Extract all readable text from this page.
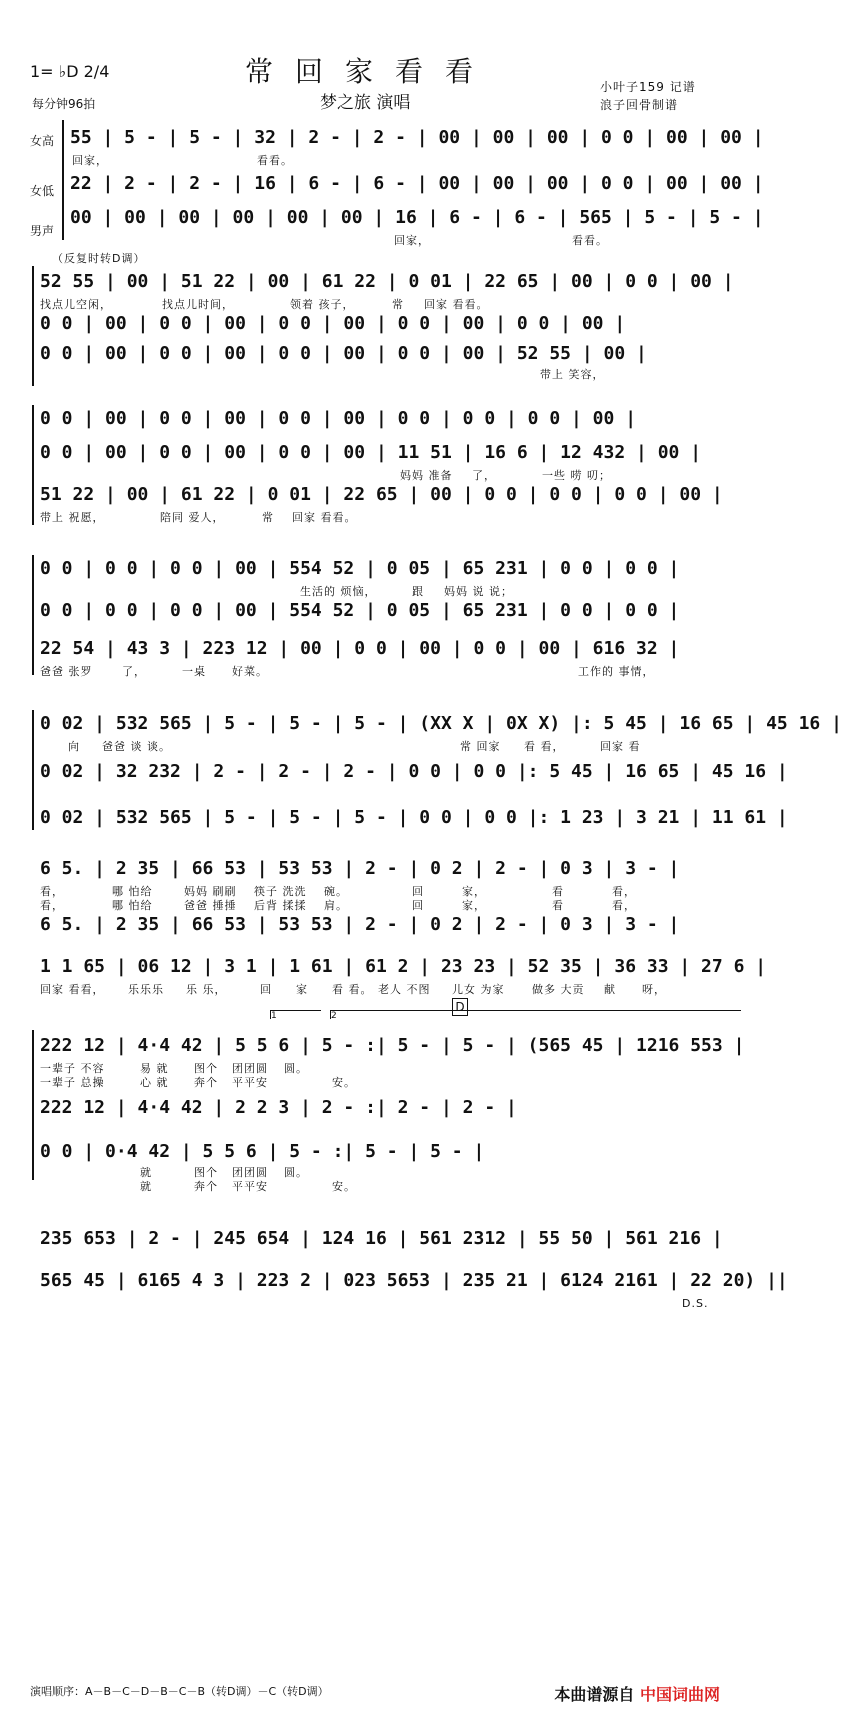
1= ♭D 2/4	常回家看看
梦之旅 演唱
每分钟96拍
小叶子159 记谱
浪子回骨制谱
女高
女低
男声
55 | 5 - | 5 - | 32 | 2 - | 2 - | 00 | 00 | 00 | 0 0 | 00 | 00 |
回家，	看看。
22 | 2 - | 2 - | 16 | 6 - | 6 - | 00 | 00 | 00 | 0 0 | 00 | 00 |
00 | 00 | 00 | 00 | 00 | 00 | 16 | 6 - | 6 - | 565 | 5 - | 5 - |
回家，	看看。
（反复时转D调）
52 55 | 00 | 51 22 | 00 | 61 22 | 0 01 | 22 65 | 00 | 0 0 | 00 |
找点儿空闲，	找点儿时间，	领着 孩子，	常 回家 看看。
0 0 | 00 | 0 0 | 00 | 0 0 | 00 | 0 0 | 00 | 0 0 | 00 |
0 0 | 00 | 0 0 | 00 | 0 0 | 00 | 0 0 | 00 | 52 55 | 00 |
带上 笑容，
0 0 | 00 | 0 0 | 00 | 0 0 | 00 | 0 0 | 0 0 | 0 0 | 00 |
0 0 | 00 | 0 0 | 00 | 0 0 | 00 | 11 51 | 16 6 | 12 432 | 00 |
妈妈 准备 了，	一些 唠 叨；
51 22 | 00 | 61 22 | 0 01 | 22 65 | 00 | 0 0 | 0 0 | 0 0 | 00 |
带上 祝愿，	陪同 爱人，	常 回家 看看。
0 0 | 0 0 | 0 0 | 00 | 554 52 | 0 05 | 65 231 | 0 0 | 0 0 |
生活的 烦恼，	跟 妈妈 说 说；
0 0 | 0 0 | 0 0 | 00 | 554 52 | 0 05 | 65 231 | 0 0 | 0 0 |
22 54 | 43 3 | 223 12 | 00 | 0 0 | 00 | 0 0 | 00 | 616 32 |
爸爸 张罗	了，	一桌 好菜。	工作的 事情，
0 02 | 532 565 | 5 - | 5 - | 5 - | (XX X | 0X X) |: 5 45 | 16 65 | 45 16 |
向 爸爸 谈 谈。	常 回家 看 看，	回家 看
0 02 | 32 232 | 2 - | 2 - | 2 - | 0 0 | 0 0 |: 5 45 | 16 65 | 45 16 |
0 02 | 532 565 | 5 - | 5 - | 5 - | 0 0 | 0 0 |: 1 23 | 3 21 | 11 61 |
6 5. | 2 35 | 66 53 | 53 53 | 2 - | 0 2 | 2 - | 0 3 | 3 - |
看，	哪 怕给	妈妈 刷刷 筷子 洗洗 碗。	回	家，	看	看，
看，	哪 怕给	爸爸 捶捶 后背 揉揉 肩。	回	家，	看	看，
6 5. | 2 35 | 66 53 | 53 53 | 2 - | 0 2 | 2 - | 0 3 | 3 - |
1 1 65 | 06 12 | 3 1 | 1 61 | 61 2 | 23 23 | 52 35 | 36 33 | 27 6 |
回家 看看， 乐乐乐 乐 乐，	回 家 看 看。 老人 不图 儿女 为家	做多 大贡 献 呀，
1	2
D
222 12 | 4·4 42 | 5 5 6 | 5 - :| 5 - | 5 - | (565 45 | 1216 553 |
一辈子 不容	易 就 图个 团团圆 圆。
一辈子 总操	心 就 奔个 平平安	安。
222 12 | 4·4 42 | 2 2 3 | 2 - :| 2 - | 2 - |
0 0 | 0·4 42 | 5 5 6 | 5 - :| 5 - | 5 - |
就	图个 团团圆 圆。
就	奔个 平平安	安。
235 653 | 2 - | 245 654 | 124 16 | 561 2312 | 55 50 | 561 216 |
565 45 | 6165 4 3 | 223 2 | 023 5653 | 235 21 | 6124 2161 | 22 20) ||
D.S.
演唱顺序：A－B－C－D－B－C－B（转D调）－C（转D调）	本曲谱源自 中国词曲网
